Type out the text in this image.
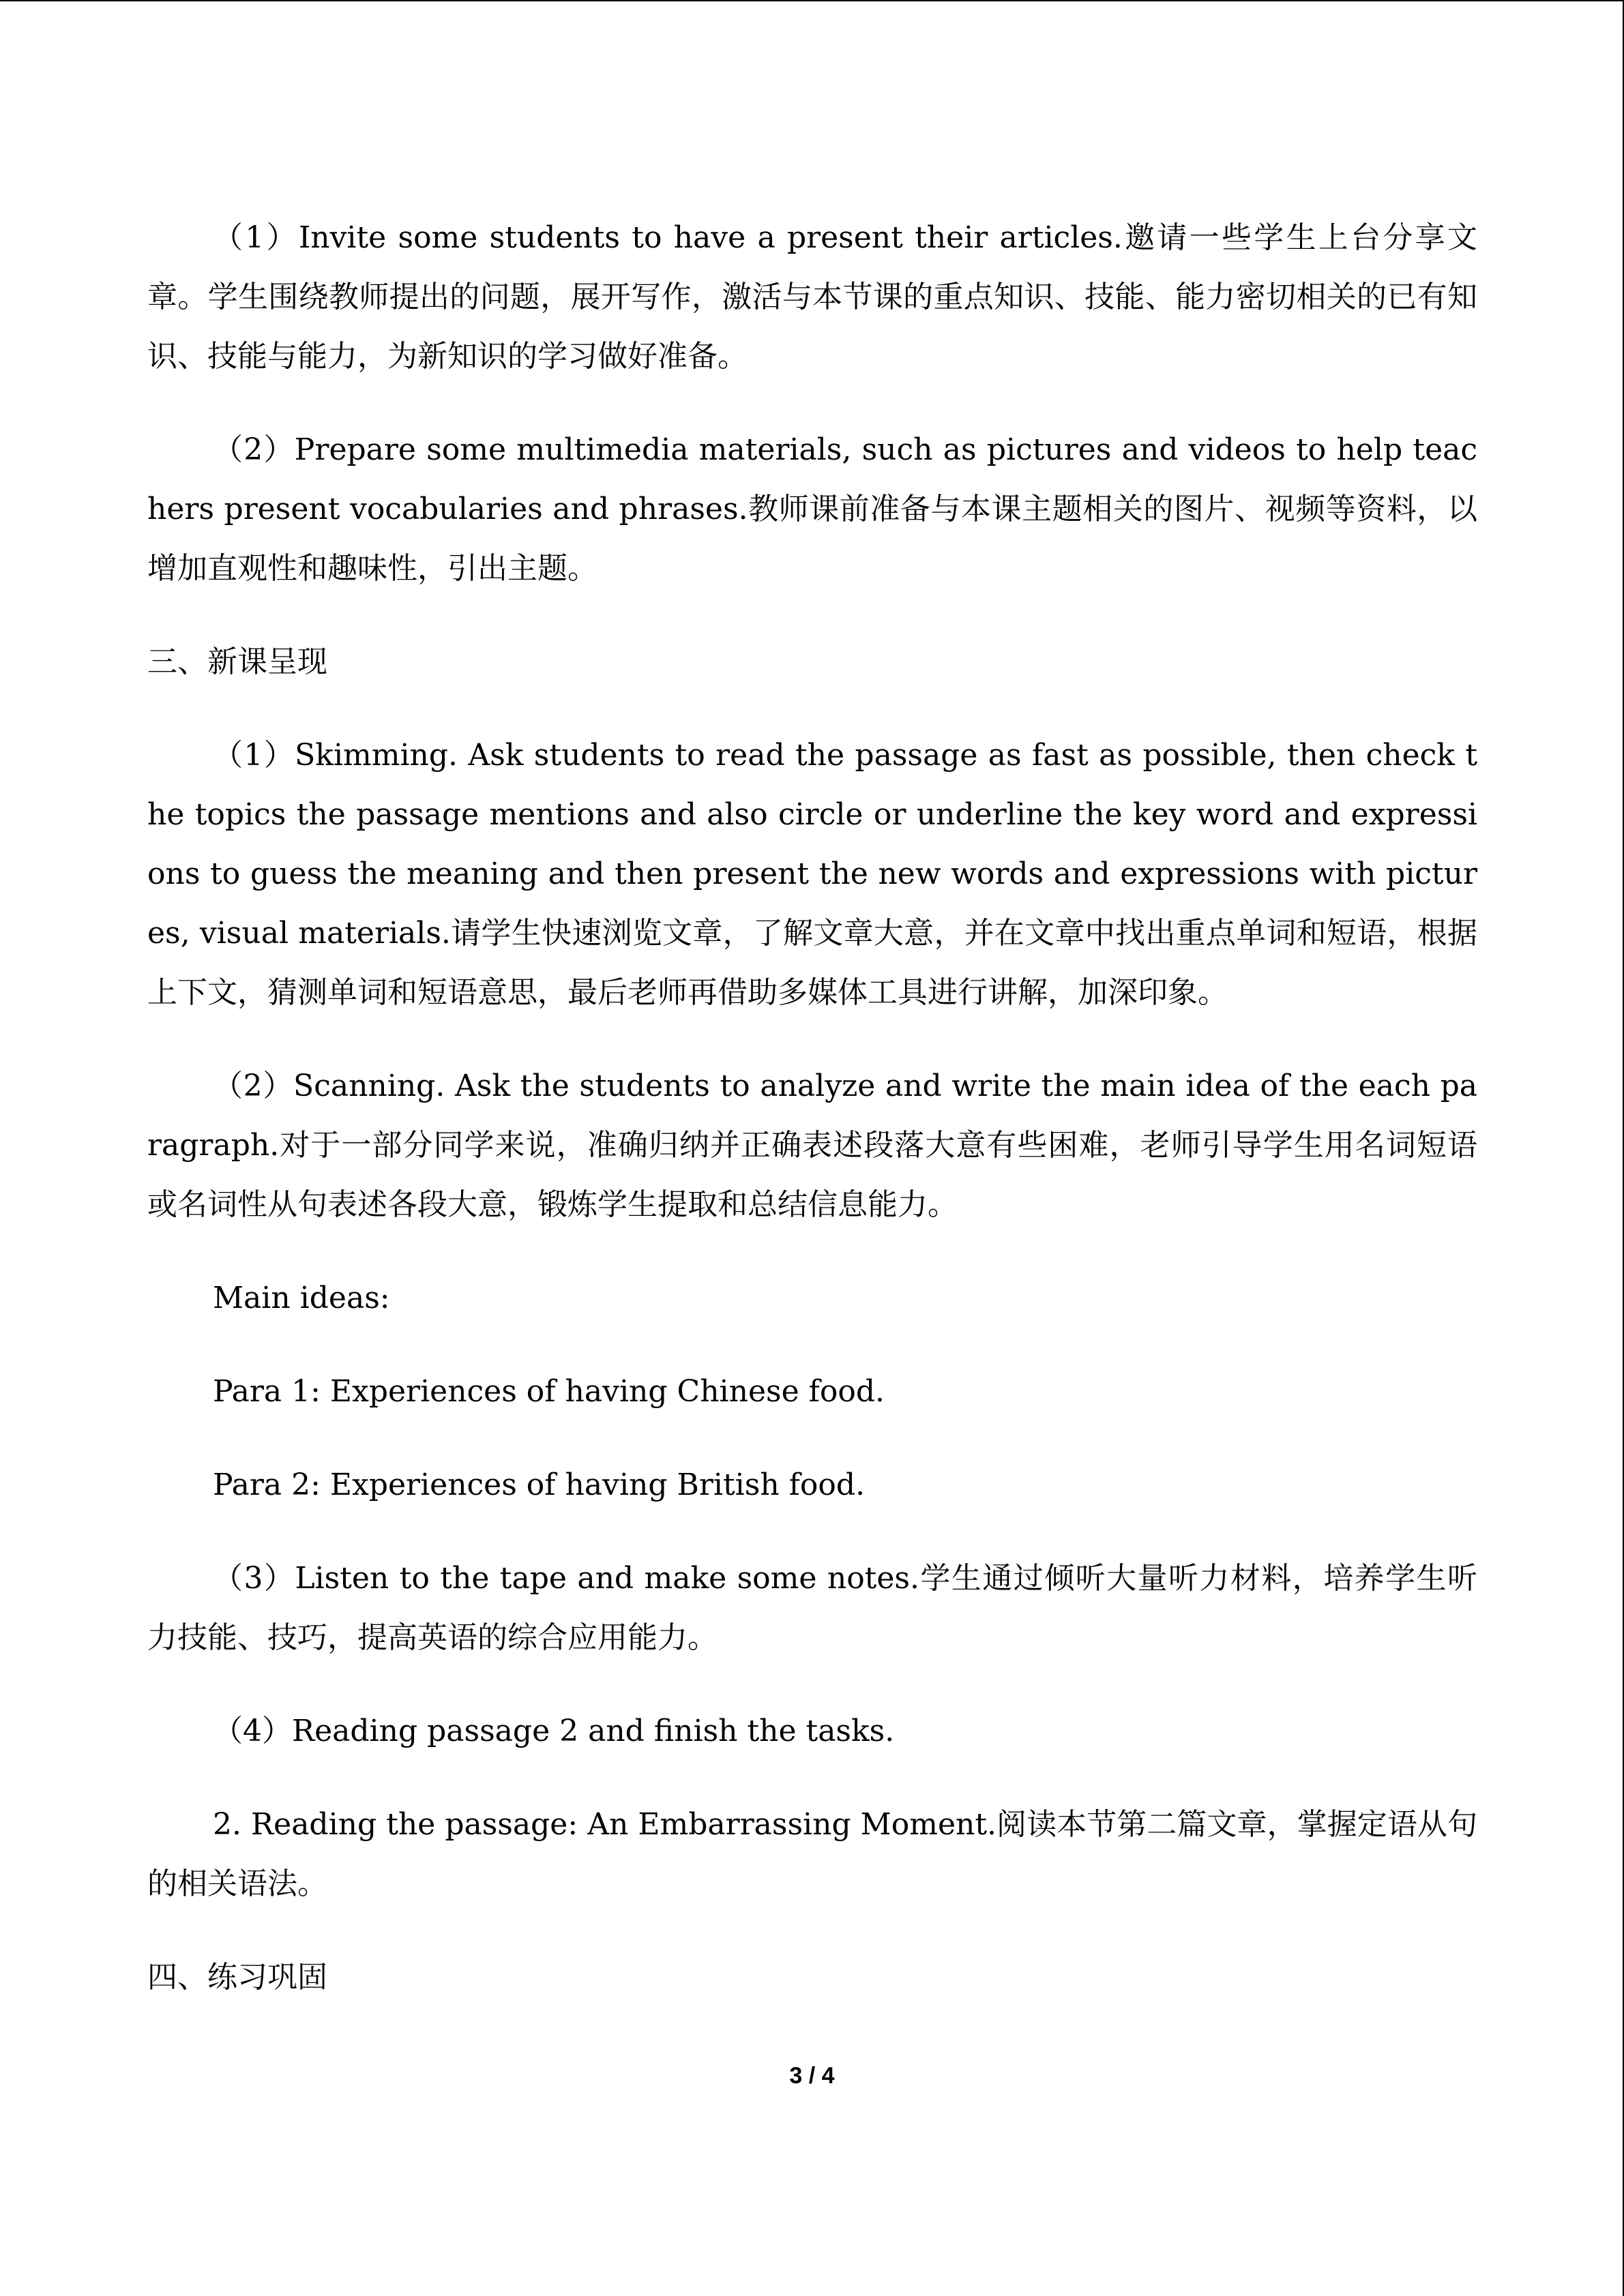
（1）Invite some students to have a present their articles.邀请一些学生上台分享文章。学生围绕教师提出的问题，展开写作，激活与本节课的重点知识、技能、能力密切相关的已有知识、技能与能力，为新知识的学习做好准备。

（2）Prepare some multimedia materials, such as pictures and videos to help teachers present vocabularies and phrases.教师课前准备与本课主题相关的图片、视频等资料，以增加直观性和趣味性，引出主题。

三、新课呈现

（1）Skimming. Ask students to read the passage as fast as possible, then check the topics the passage mentions and also circle or underline the key word and expressions to guess the meaning and then present the new words and expressions with pictures, visual materials.请学生快速浏览文章，了解文章大意，并在文章中找出重点单词和短语，根据上下文，猜测单词和短语意思，最后老师再借助多媒体工具进行讲解，加深印象。

（2）Scanning. Ask the students to analyze and write the main idea of the each paragraph.对于一部分同学来说，准确归纳并正确表述段落大意有些困难，老师引导学生用名词短语或名词性从句表述各段大意，锻炼学生提取和总结信息能力。

Main ideas:

Para 1: Experiences of having Chinese food.

Para 2: Experiences of having British food.

（3）Listen to the tape and make some notes.学生通过倾听大量听力材料，培养学生听力技能、技巧，提高英语的综合应用能力。

（4）Reading passage 2 and finish the tasks.

2. Reading the passage: An Embarrassing Moment.阅读本节第二篇文章，掌握定语从句的相关语法。

四、练习巩固

3 / 4
